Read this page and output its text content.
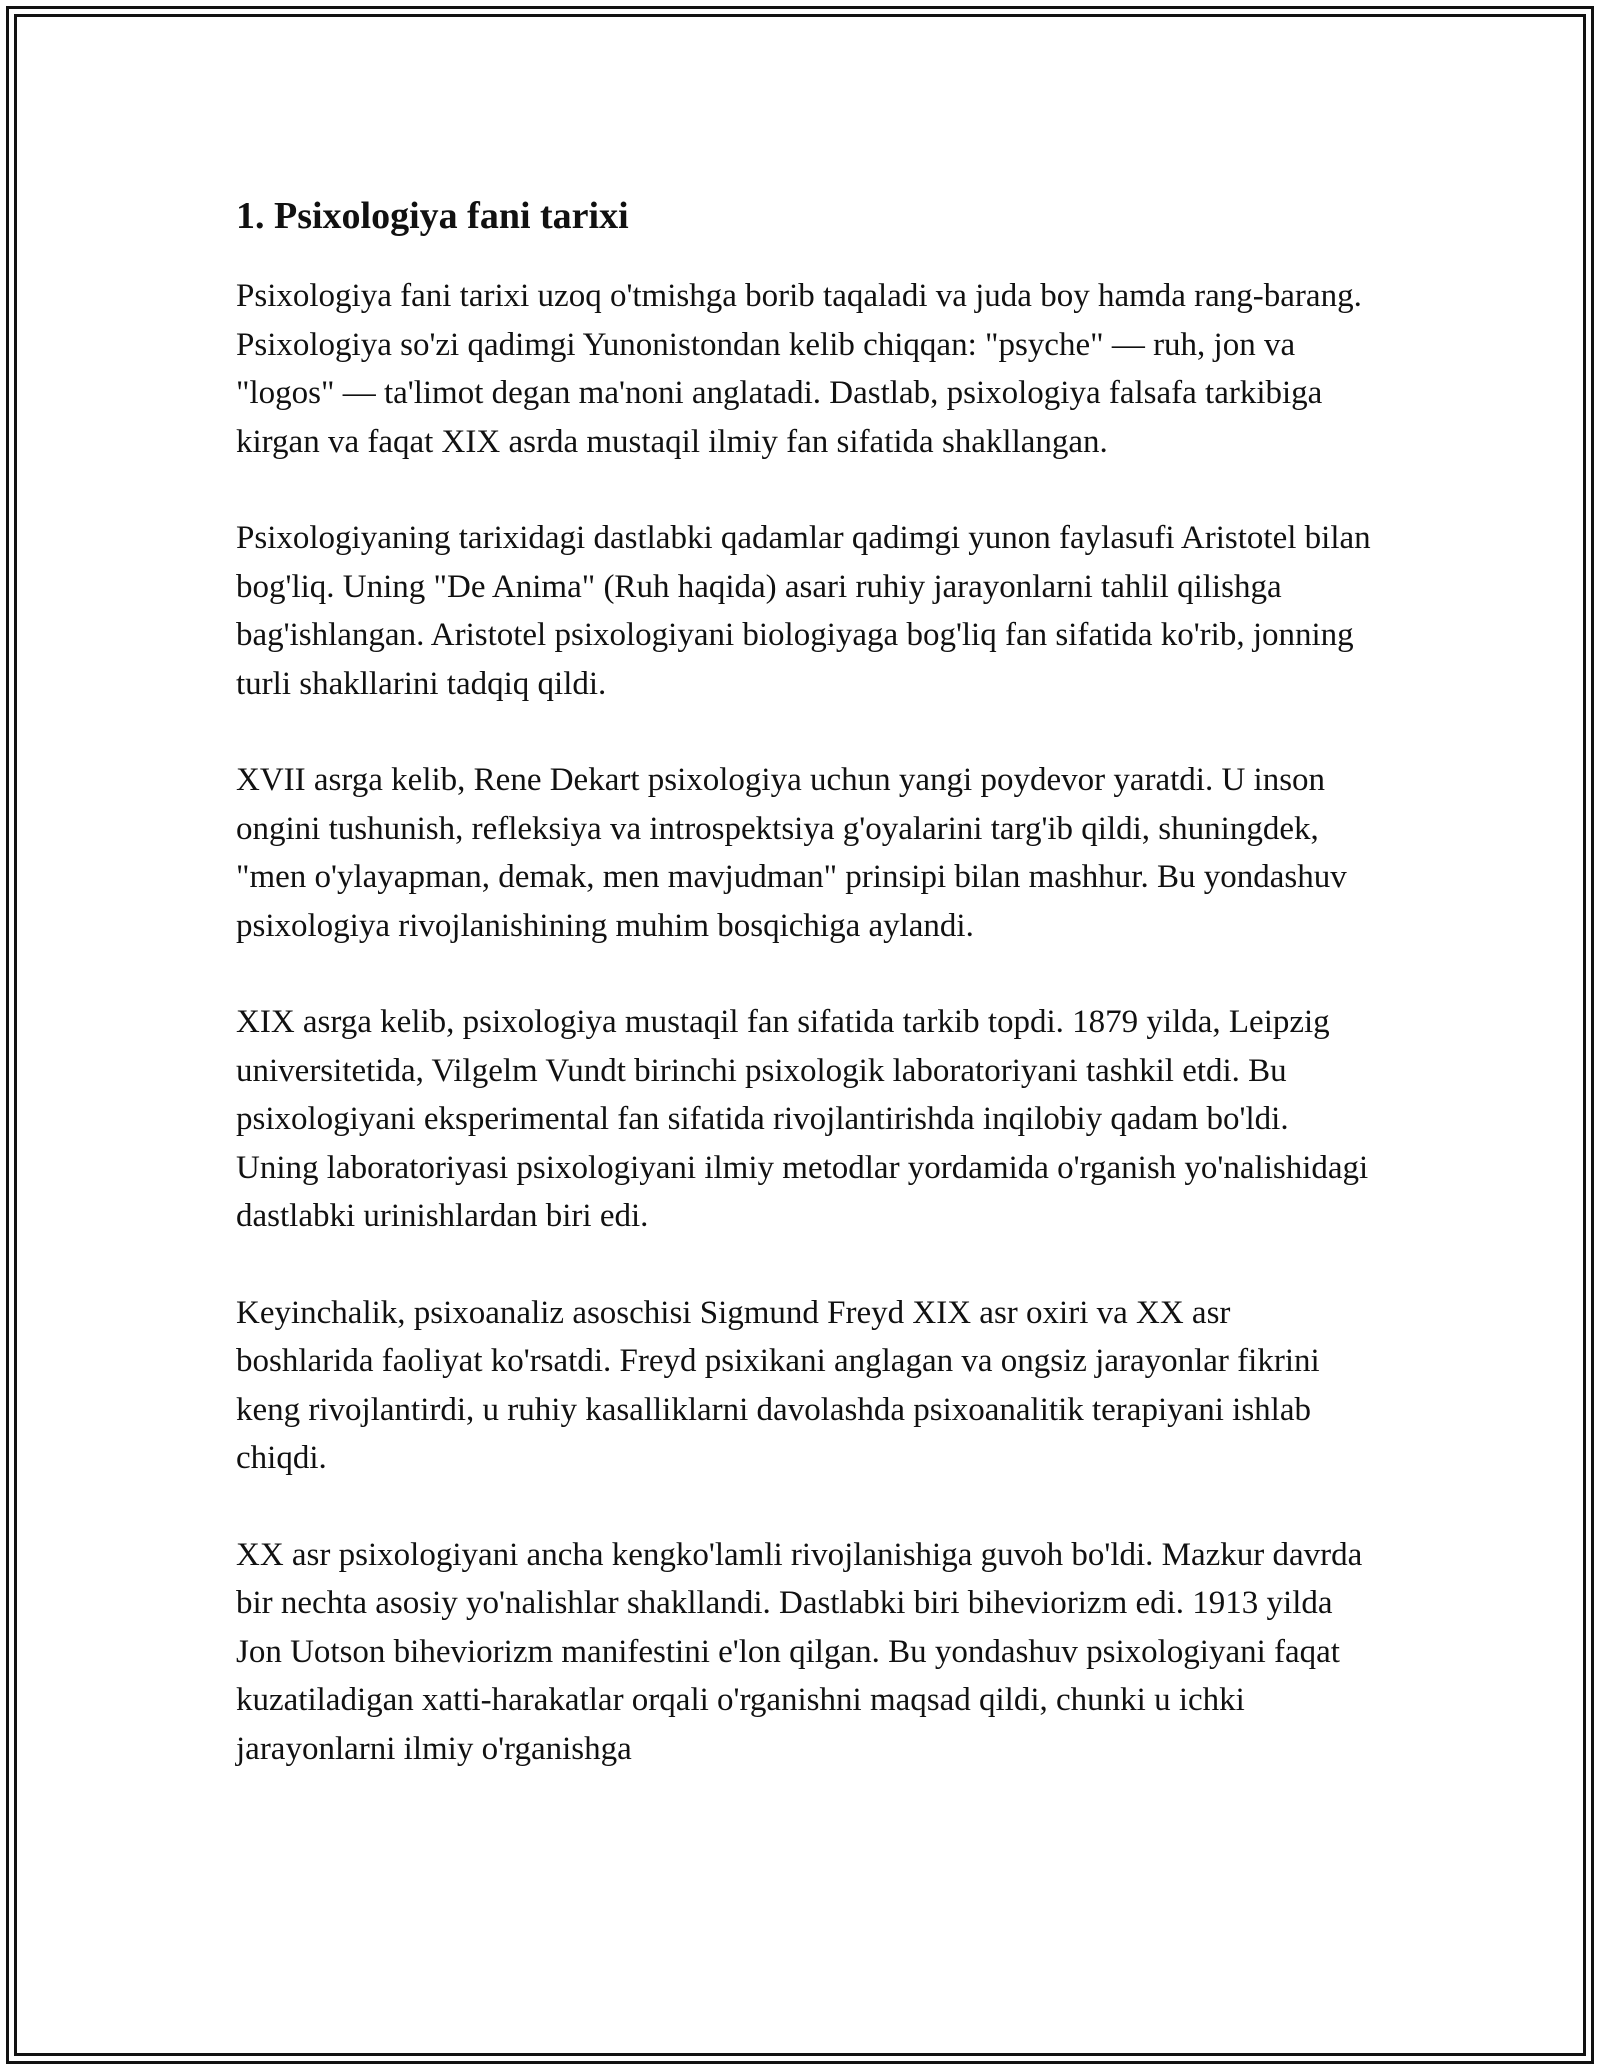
1. Psixologiya fani tarixi

Psixologiya fani tarixi uzoq o'tmishga borib taqaladi va juda boy hamda rang-barang. Psixologiya so'zi qadimgi Yunonistondan kelib chiqqan: "psyche" — ruh, jon va "logos" — ta'limot degan ma'noni anglatadi. Dastlab, psixologiya falsafa tarkibiga kirgan va faqat XIX asrda mustaqil ilmiy fan sifatida shakllangan.

Psixologiyaning tarixidagi dastlabki qadamlar qadimgi yunon faylasufi Aristotel bilan bog'liq. Uning "De Anima" (Ruh haqida) asari ruhiy jarayonlarni tahlil qilishga bag'ishlangan. Aristotel psixologiyani biologiyaga bog'liq fan sifatida ko'rib, jonning turli shakllarini tadqiq qildi.

XVII asrga kelib, Rene Dekart psixologiya uchun yangi poydevor yaratdi. U inson ongini tushunish, refleksiya va introspektsiya g'oyalarini targ'ib qildi, shuningdek, "men o'ylayapman, demak, men mavjudman" prinsipi bilan mashhur. Bu yondashuv psixologiya rivojlanishining muhim bosqichiga aylandi.

XIX asrga kelib, psixologiya mustaqil fan sifatida tarkib topdi. 1879 yilda, Leipzig universitetida, Vilgelm Vundt birinchi psixologik laboratoriyani tashkil etdi. Bu psixologiyani eksperimental fan sifatida rivojlantirishda inqilobiy qadam bo'ldi. Uning laboratoriyasi psixologiyani ilmiy metodlar yordamida o'rganish yo'nalishidagi dastlabki urinishlardan biri edi.

Keyinchalik, psixoanaliz asoschisi Sigmund Freyd XIX asr oxiri va XX asr boshlarida faoliyat ko'rsatdi. Freyd psixikani anglagan va ongsiz jarayonlar fikrini keng rivojlantirdi, u ruhiy kasalliklarni davolashda psixoanalitik terapiyani ishlab chiqdi.

XX asr psixologiyani ancha kengko'lamli rivojlanishiga guvoh bo'ldi. Mazkur davrda bir nechta asosiy yo'nalishlar shakllandi. Dastlabki biri biheviorizm edi. 1913 yilda Jon Uotson biheviorizm manifestini e'lon qilgan. Bu yondashuv psixologiyani faqat kuzatiladigan xatti-harakatlar orqali o'rganishni maqsad qildi, chunki u ichki jarayonlarni ilmiy o'rganishga
